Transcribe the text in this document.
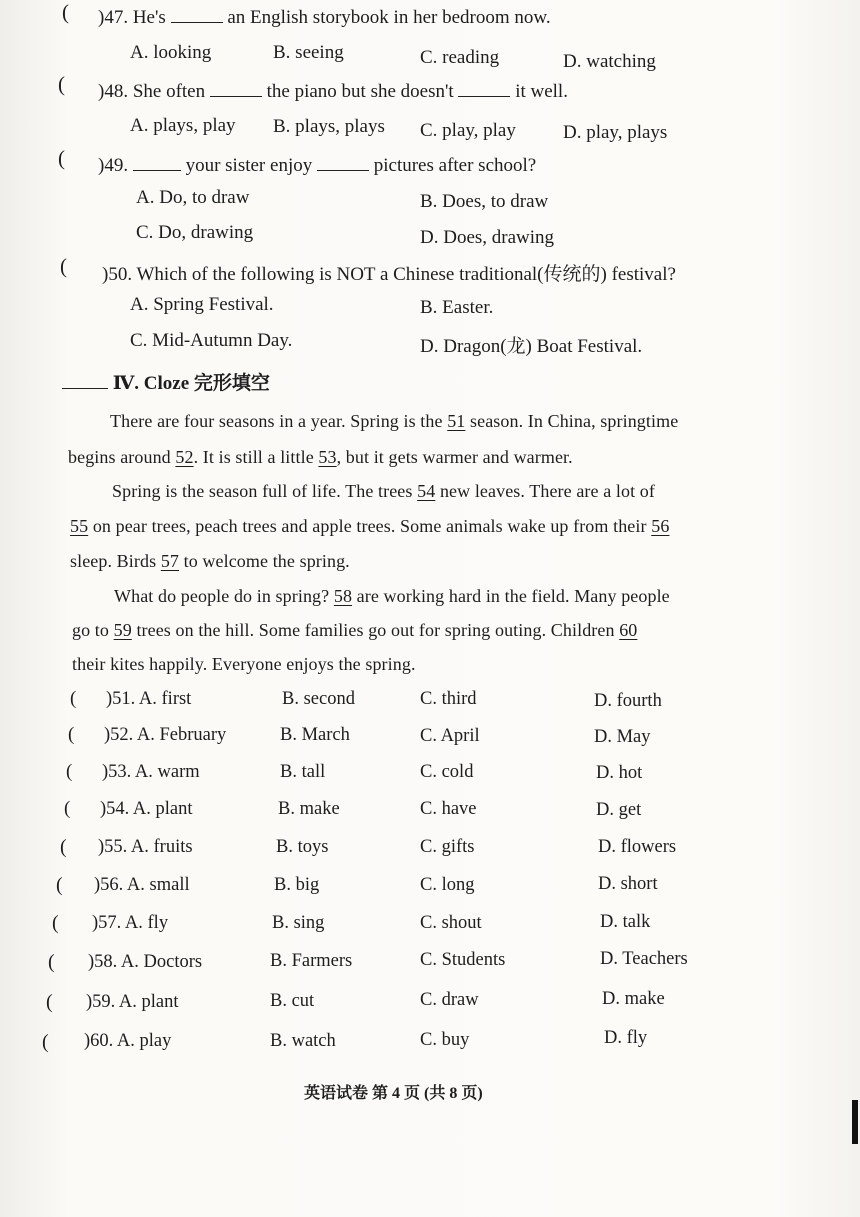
( )47. He's	an English storybook in her bedroom now.
A. looking	B. seeing	C. reading	D. watching
( )48. She often	the piano but she doesn't	it well.
A. plays, play B. plays, plays C. play, play D. play, plays
( )49.	your sister enjoy	pictures after school?
A. Do, to draw	B. Does, to draw
C. Do, drawing	D. Does, drawing
( )50. Which of the following is NOT a Chinese traditional(传统的) festival?
A. Spring Festival.	B. Easter.
C. Mid-Autumn Day.	D. Dragon(龙) Boat Festival.
Ⅳ. Cloze 完形填空
There are four seasons in a year. Spring is the 51 season. In China, springtime
begins around 52. It is still a little 53, but it gets warmer and warmer.
Spring is the season full of life. The trees 54 new leaves. There are a lot of
55 on pear trees, peach trees and apple trees. Some animals wake up from their 56
sleep. Birds 57 to welcome the spring.
What do people do in spring? 58 are working hard in the field. Many people
go to 59 trees on the hill. Some families go out for spring outing. Children 60
their kites happily. Everyone enjoys the spring.
( )51. A. first	B. second	C. third	D. fourth
( )52. A. February	B. March	C. April	D. May
( )53. A. warm	B. tall	C. cold	D. hot
( )54. A. plant	B. make	C. have	D. get
( )55. A. fruits	B. toys	C. gifts	D. flowers
( )56. A. small	B. big	C. long	D. short
( )57. A. fly	B. sing	C. shout	D. talk
( )58. A. Doctors	B. Farmers	C. Students	D. Teachers
( )59. A. plant	B. cut	C. draw	D. make
( )60. A. play	B. watch	C. buy	D. fly
英语试卷 第 4 页 (共 8 页)
